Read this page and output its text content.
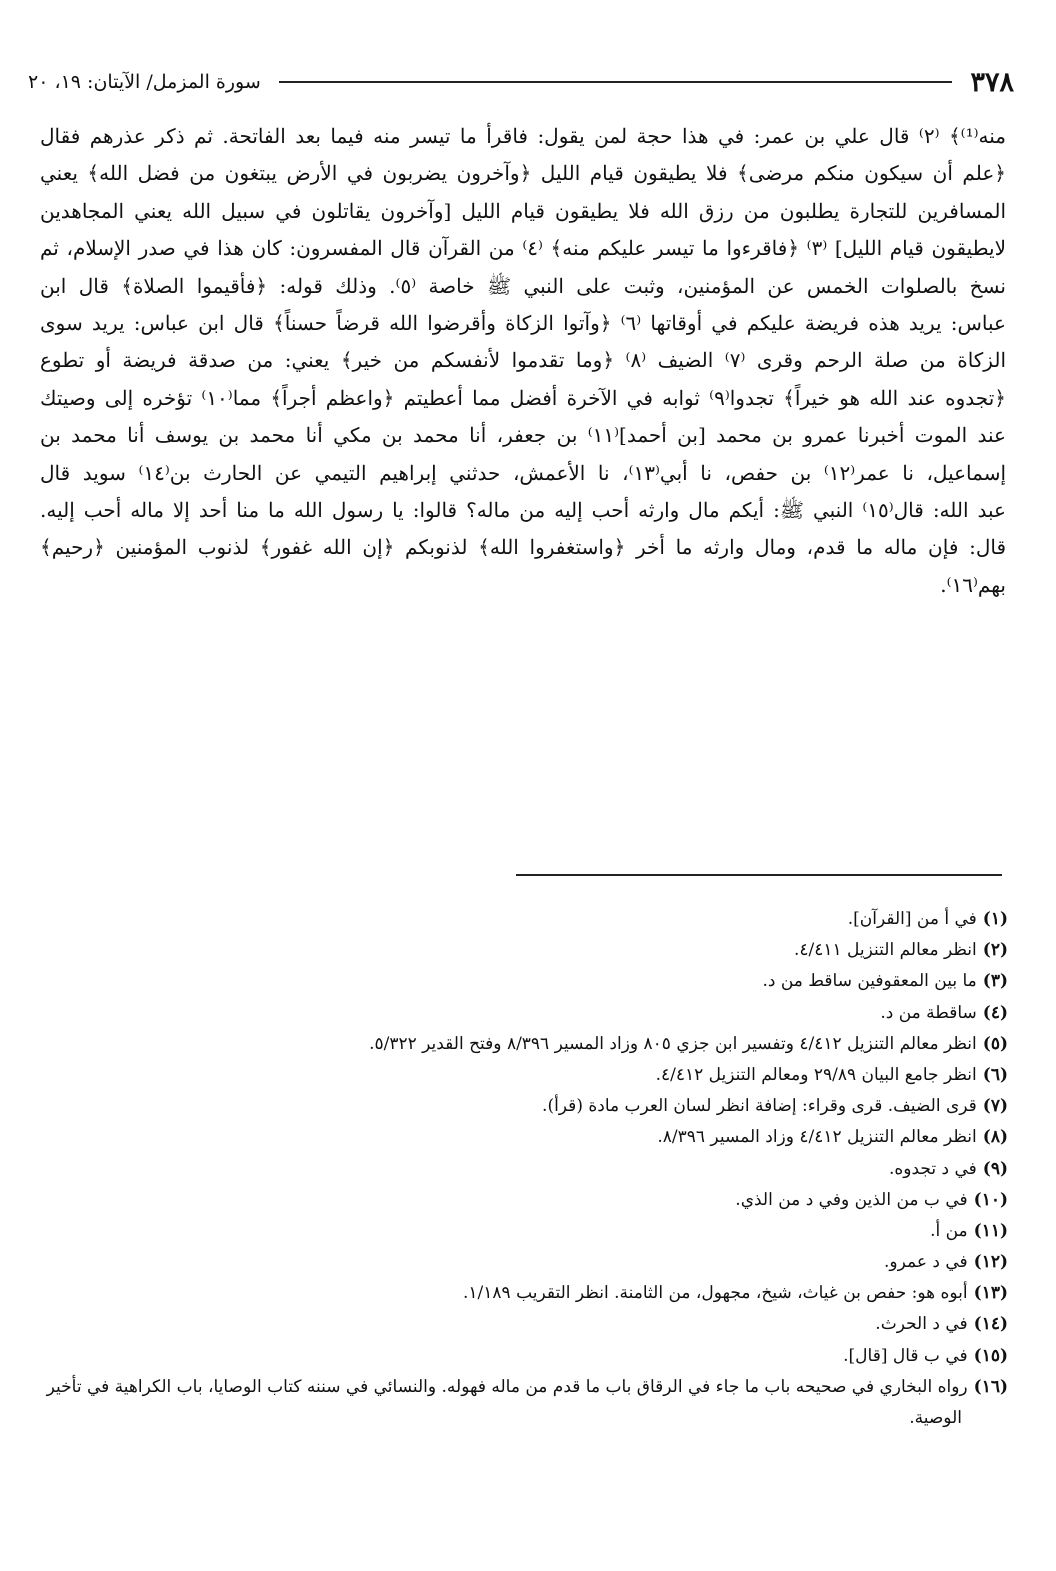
٣٧٨
سورة المزمل/ الآيتان: ١٩، ٢٠
منه⁽¹⁾﴾ ⁽٢⁾ قال علي بن عمر: في هذا حجة لمن يقول: فاقرأ ما تيسر منه فيما بعد الفاتحة. ثم ذكر عذرهم فقال
﴿علم أن سيكون منكم مرضى﴾ فلا يطيقون قيام الليل ﴿وآخرون يضربون في الأرض يبتغون من فضل الله﴾ يعني
المسافرين للتجارة يطلبون من رزق الله فلا يطيقون قيام الليل [وآخرون يقاتلون في سبيل الله يعني المجاهدين
لايطيقون قيام الليل] ⁽٣⁾ ﴿فاقرءوا ما تيسر عليكم منه﴾ ⁽٤⁾ من القرآن قال المفسرون: كان هذا في صدر الإسلام، ثم
نسخ بالصلوات الخمس عن المؤمنين، وثبت على النبي ﷺ خاصة ⁽٥⁾. وذلك قوله: ﴿فأقيموا الصلاة﴾ قال ابن
عباس: يريد هذه فريضة عليكم في أوقاتها ⁽٦⁾ ﴿وآتوا الزكاة وأقرضوا الله قرضاً حسناً﴾ قال ابن عباس: يريد سوى
الزكاة من صلة الرحم وقرى ⁽٧⁾ الضيف ⁽٨⁾ ﴿وما تقدموا لأنفسكم من خير﴾ يعني: من صدقة فريضة أو تطوع
﴿تجدوه عند الله هو خيراً﴾ تجدوا⁽٩⁾ ثوابه في الآخرة أفضل مما أعطيتم ﴿واعظم أجراً﴾ مما⁽١٠⁾ تؤخره إلى وصيتك
عند الموت أخبرنا عمرو بن محمد [بن أحمد]⁽١١⁾ بن جعفر، أنا محمد بن مكي أنا محمد بن يوسف أنا محمد بن
إسماعيل، نا عمر⁽١٢⁾ بن حفص، نا أبي⁽١٣⁾، نا الأعمش، حدثني إبراهيم التيمي عن الحارث بن⁽١٤⁾ سويد قال
عبد الله: قال⁽١٥⁾ النبي ﷺ: أيكم مال وارثه أحب إليه من ماله؟ قالوا: يا رسول الله ما منا أحد إلا ماله أحب إليه.
قال: فإن ماله ما قدم، ومال وارثه ما أخر ﴿واستغفروا الله﴾ لذنوبكم ﴿إن الله غفور﴾ لذنوب المؤمنين ﴿رحيم﴾
بهم⁽١٦⁾.
(١)في أ من [القرآن].
(٢)انظر معالم التنزيل ٤/٤١١.
(٣)ما بين المعقوفين ساقط من د.
(٤)ساقطة من د.
(٥)انظر معالم التنزيل ٤/٤١٢ وتفسير ابن جزي ٨٠٥ وزاد المسير ٨/٣٩٦ وفتح القدير ٥/٣٢٢.
(٦)انظر جامع البيان ٢٩/٨٩ ومعالم التنزيل ٤/٤١٢.
(٧)قرى الضيف. قرى وقراء: إضافة انظر لسان العرب مادة (قرأ).
(٨)انظر معالم التنزيل ٤/٤١٢ وزاد المسير ٨/٣٩٦.
(٩)في د تجدوه.
(١٠)في ب من الذين وفي د من الذي.
(١١)من أ.
(١٢)في د عمرو.
(١٣)أبوه هو: حفص بن غياث، شيخ، مجهول، من الثامنة. انظر التقريب ١/١٨٩.
(١٤)في د الحرث.
(١٥)في ب قال [قال].
(١٦)رواه البخاري في صحيحه باب ما جاء في الرقاق باب ما قدم من ماله فهوله. والنسائي في سننه كتاب الوصايا، باب الكراهية في تأخير
الوصية.
